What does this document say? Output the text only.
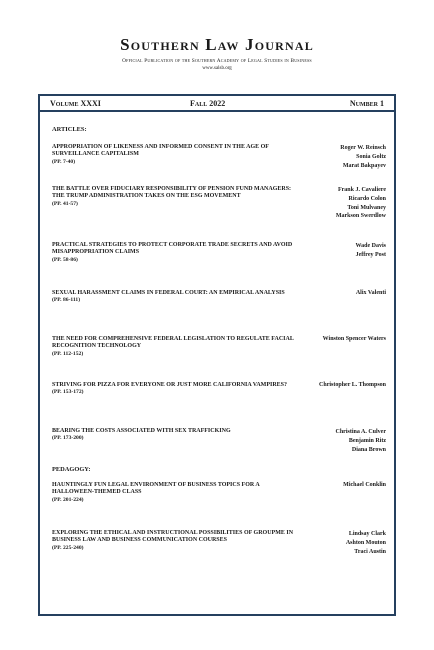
Southern Law Journal
Official Publication of the Southern Academy of Legal Studies in Business
www.salsb.org
Volume XXXI	Fall 2022	Number 1
ARTICLES:
APPROPRIATION OF LIKENESS AND INFORMED CONSENT IN THE AGE OF SURVEILLANCE CAPITALISM
(PP. 7-40)
Roger W. Reinsch
Sonia Goltz
Marat Bakpayev
THE BATTLE OVER FIDUCIARY RESPONSIBILITY OF PENSION FUND MANAGERS: THE TRUMP ADMINISTRATION TAKES ON THE ESG MOVEMENT
(PP. 41-57)
Frank J. Cavaliere
Ricardo Colon
Toni Mulvaney
Markson Swerdlow
PRACTICAL STRATEGIES TO PROTECT CORPORATE TRADE SECRETS AND AVOID MISAPPROPRIATION CLAIMS
(PP. 58-86)
Wade Davis
Jeffrey Post
SEXUAL HARASSMENT CLAIMS IN FEDERAL COURT: AN EMPIRICAL ANALYSIS
(PP. 86-111)
Alix Valenti
THE NEED FOR COMPREHENSIVE FEDERAL LEGISLATION TO REGULATE FACIAL RECOGNITION TECHNOLOGY
(PP. 112-152)
Winston Spencer Waters
STRIVING FOR PIZZA FOR EVERYONE OR JUST MORE CALIFORNIA VAMPIRES?
(PP. 153-172)
Christopher L. Thompson
BEARING THE COSTS ASSOCIATED WITH SEX TRAFFICKING
(PP. 173-200)
Christina A. Culver
Benjamin Ritz
Diana Brown
PEDAGOGY:
HAUNTINGLY FUN LEGAL ENVIRONMENT OF BUSINESS TOPICS FOR A HALLOWEEN-THEMED CLASS
(PP. 201-224)
Michael Conklin
EXPLORING THE ETHICAL AND INSTRUCTIONAL POSSIBILITIES OF GROUPME IN BUSINESS LAW AND BUSINESS COMMUNICATION COURSES
(PP. 225-240)
Lindsay Clark
Ashton Mouton
Traci Austin
